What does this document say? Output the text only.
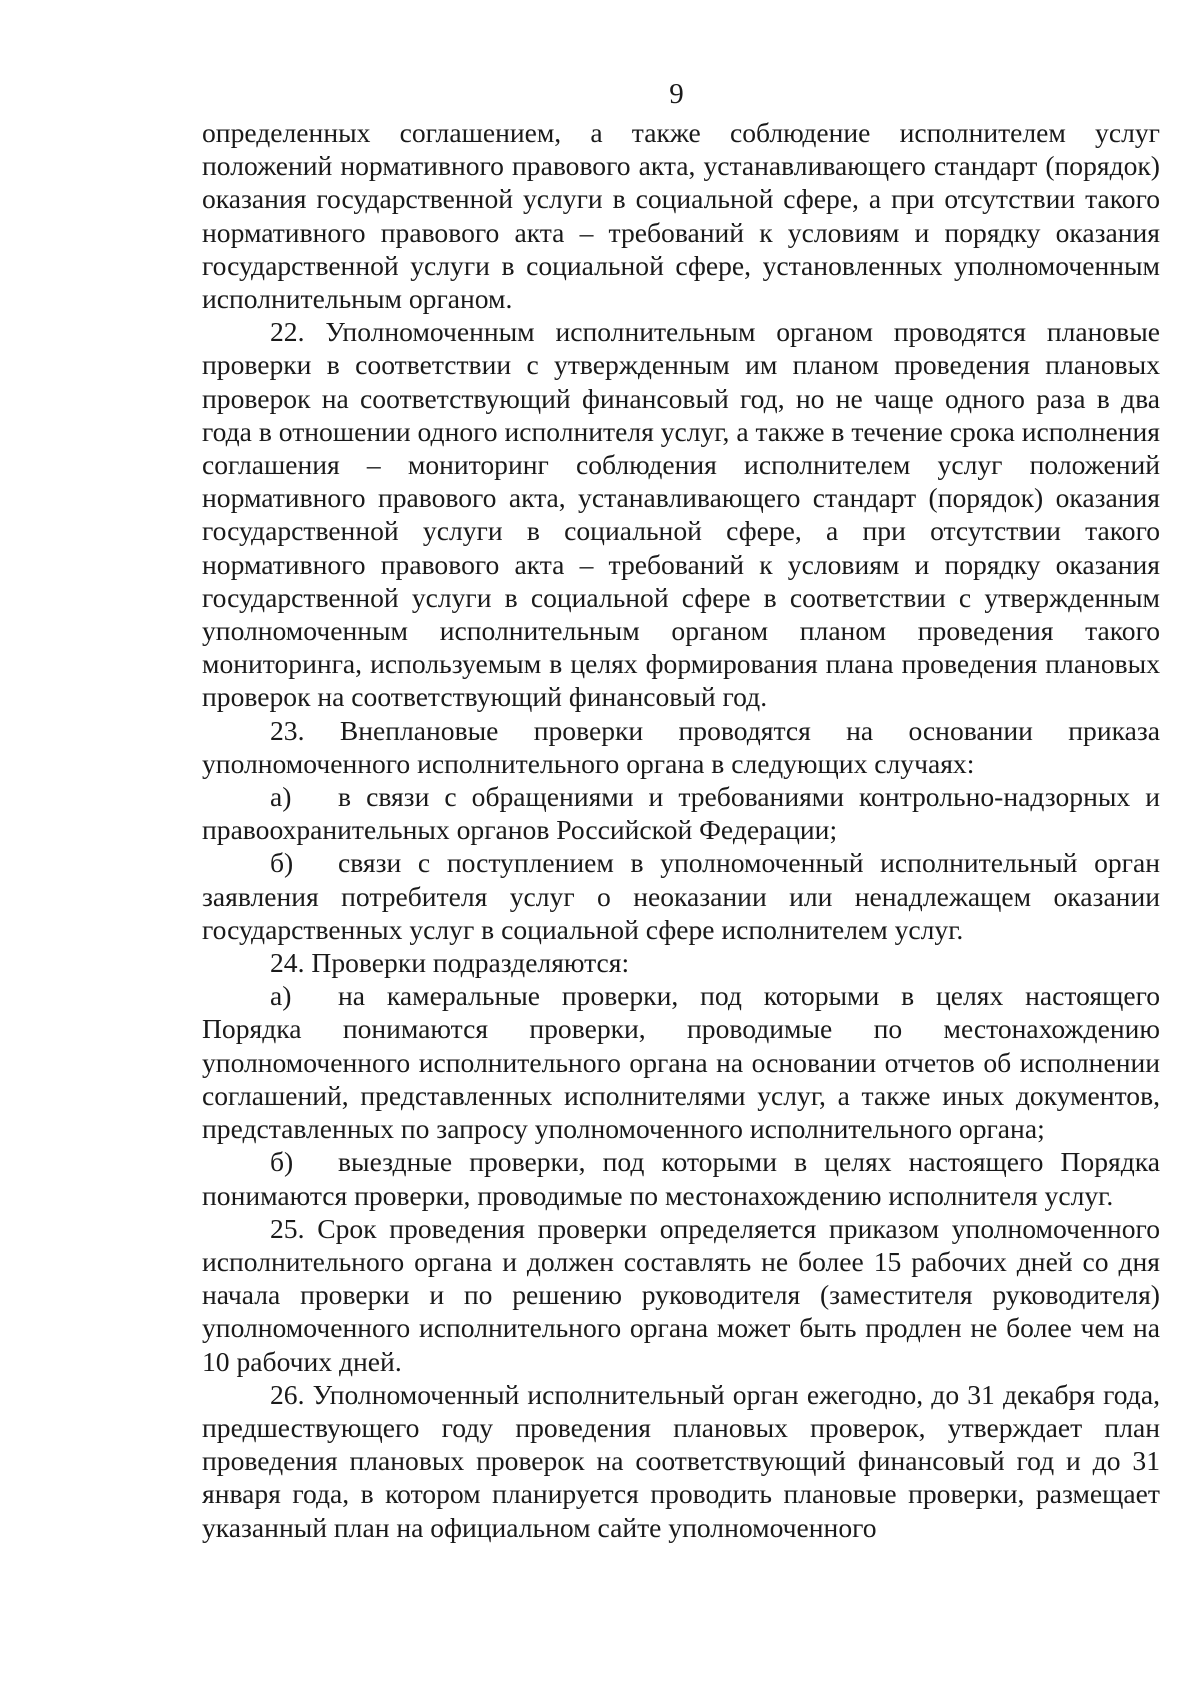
9

определенных соглашением, а также соблюдение исполнителем услуг положений нормативного правового акта, устанавливающего стандарт (порядок) оказания государственной услуги в социальной сфере, а при отсутствии такого нормативного правового акта – требований к условиям и порядку оказания государственной услуги в социальной сфере, установленных уполномоченным исполнительным органом.

22. Уполномоченным исполнительным органом проводятся плановые проверки в соответствии с утвержденным им планом проведения плановых проверок на соответствующий финансовый год, но не чаще одного раза в два года в отношении одного исполнителя услуг, а также в течение срока исполнения соглашения – мониторинг соблюдения исполнителем услуг положений нормативного правового акта, устанавливающего стандарт (порядок) оказания государственной услуги в социальной сфере, а при отсутствии такого нормативного правового акта – требований к условиям и порядку оказания государственной услуги в социальной сфере в соответствии с утвержденным уполномоченным исполнительным органом планом проведения такого мониторинга, используемым в целях формирования плана проведения плановых проверок на соответствующий финансовый год.

23. Внеплановые проверки проводятся на основании приказа уполномоченного исполнительного органа в следующих случаях:

а) в связи с обращениями и требованиями контрольно-надзорных и правоохранительных органов Российской Федерации;

б) связи с поступлением в уполномоченный исполнительный орган заявления потребителя услуг о неоказании или ненадлежащем оказании государственных услуг в социальной сфере исполнителем услуг.

24. Проверки подразделяются:

а) на камеральные проверки, под которыми в целях настоящего Порядка понимаются проверки, проводимые по местонахождению уполномоченного исполнительного органа на основании отчетов об исполнении соглашений, представленных исполнителями услуг, а также иных документов, представленных по запросу уполномоченного исполнительного органа;

б) выездные проверки, под которыми в целях настоящего Порядка понимаются проверки, проводимые по местонахождению исполнителя услуг.

25. Срок проведения проверки определяется приказом уполномоченного исполнительного органа и должен составлять не более 15 рабочих дней со дня начала проверки и по решению руководителя (заместителя руководителя) уполномоченного исполнительного органа может быть продлен не более чем на 10 рабочих дней.

26. Уполномоченный исполнительный орган ежегодно, до 31 декабря года, предшествующего году проведения плановых проверок, утверждает план проведения плановых проверок на соответствующий финансовый год и до 31 января года, в котором планируется проводить плановые проверки, размещает указанный план на официальном сайте уполномоченного
